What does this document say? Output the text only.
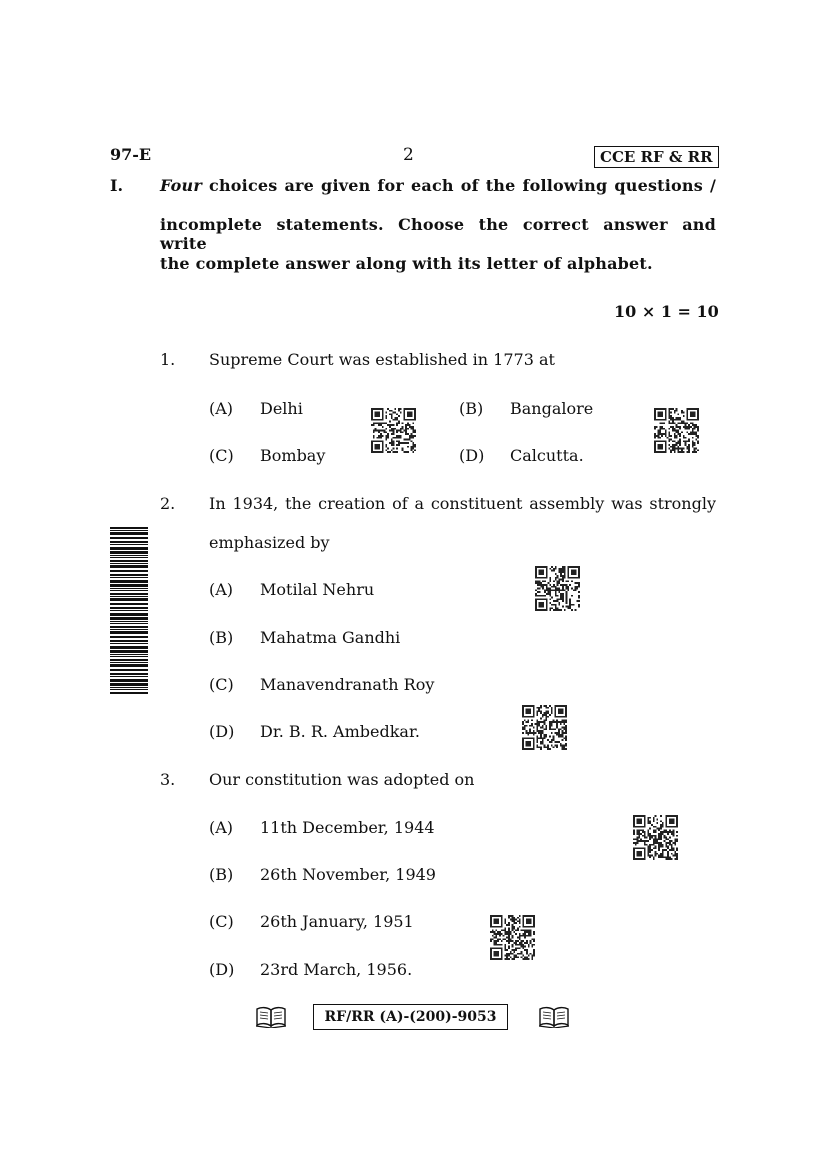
97-E	2	CCE RF & RR
I. Four choices are given for each of the following questions /
incomplete statements. Choose the correct answer and write
the complete answer along with its letter of alphabet.
10 × 1 = 10
1. Supreme Court was established in 1773 at
(A) Delhi	(B) Bangalore
(C) Bombay	(D) Calcutta.
2. In 1934, the creation of a constituent assembly was strongly
emphasized by
(A) Motilal Nehru
(B) Mahatma Gandhi
(C) Manavendranath Roy
(D) Dr. B. R. Ambedkar.
3. Our constitution was adopted on
(A) 11th December, 1944
(B) 26th November, 1949
(C) 26th January, 1951
(D) 23rd March, 1956.
RF/RR (A)-(200)-9053
